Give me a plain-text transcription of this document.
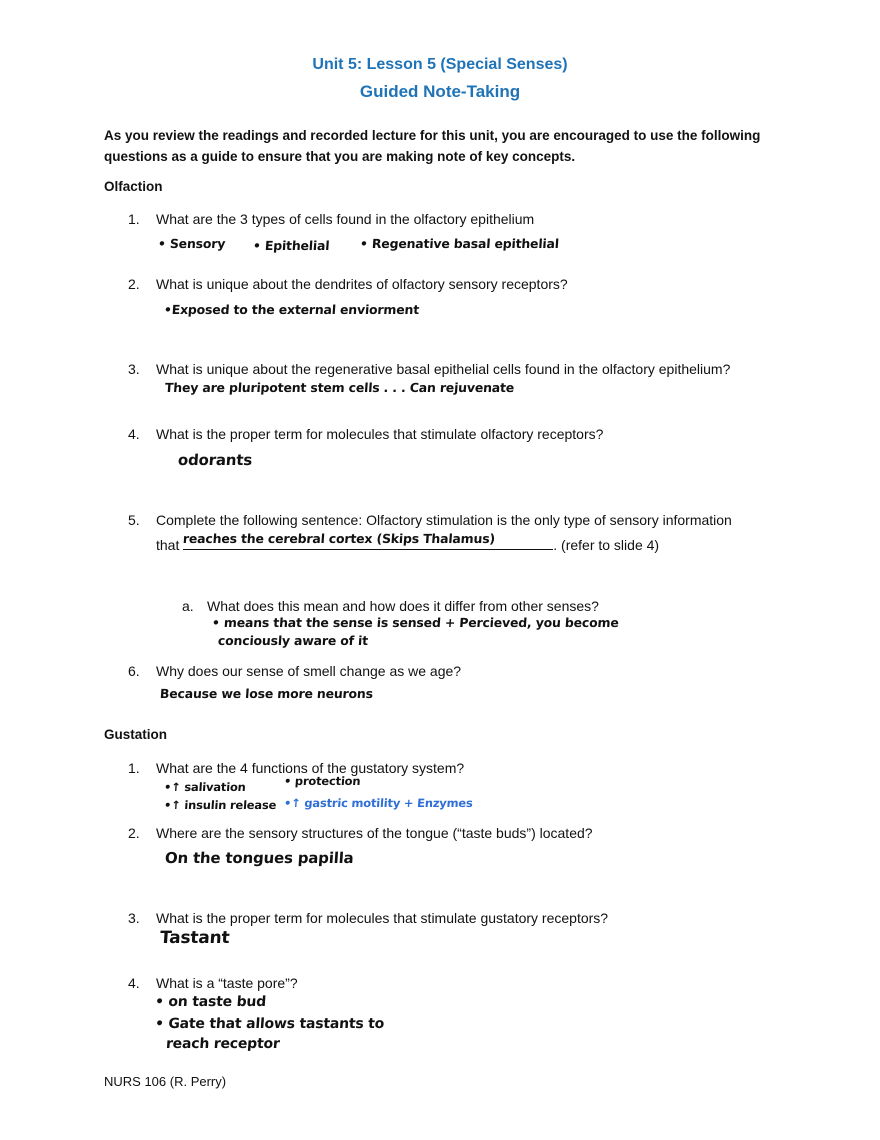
Unit 5: Lesson 5 (Special Senses)
Guided Note-Taking
As you review the readings and recorded lecture for this unit, you are encouraged to use the following questions as a guide to ensure that you are making note of key concepts.
Olfaction
1. What are the 3 types of cells found in the olfactory epithelium
• Sensory • Epithelial • Regenative basal epithelial
2. What is unique about the dendrites of olfactory sensory receptors?
•Exposed to the external enviorment
3. What is unique about the regenerative basal epithelial cells found in the olfactory epithelium?
They are pluripotent stem cells . . . Can rejuvenate
4. What is the proper term for molecules that stimulate olfactory receptors?
odorants
5. Complete the following sentence: Olfactory stimulation is the only type of sensory information
that reaches the cerebral cortex (Skips Thalamus)	. (refer to slide 4)
a. What does this mean and how does it differ from other senses?
• means that the sense is sensed + Percieved, you become
conciously aware of it
6. Why does our sense of smell change as we age?
Because we lose more neurons
Gustation
1. What are the 4 functions of the gustatory system?
•↑ salivation	• protection
•↑ insulin release •↑ gastric motility + Enzymes
2. Where are the sensory structures of the tongue (“taste buds”) located?
On the tongues papilla
3. What is the proper term for molecules that stimulate gustatory receptors?
Tastant
4. What is a “taste pore”?
• on taste bud
• Gate that allows tastants to
reach receptor
NURS 106 (R. Perry)
